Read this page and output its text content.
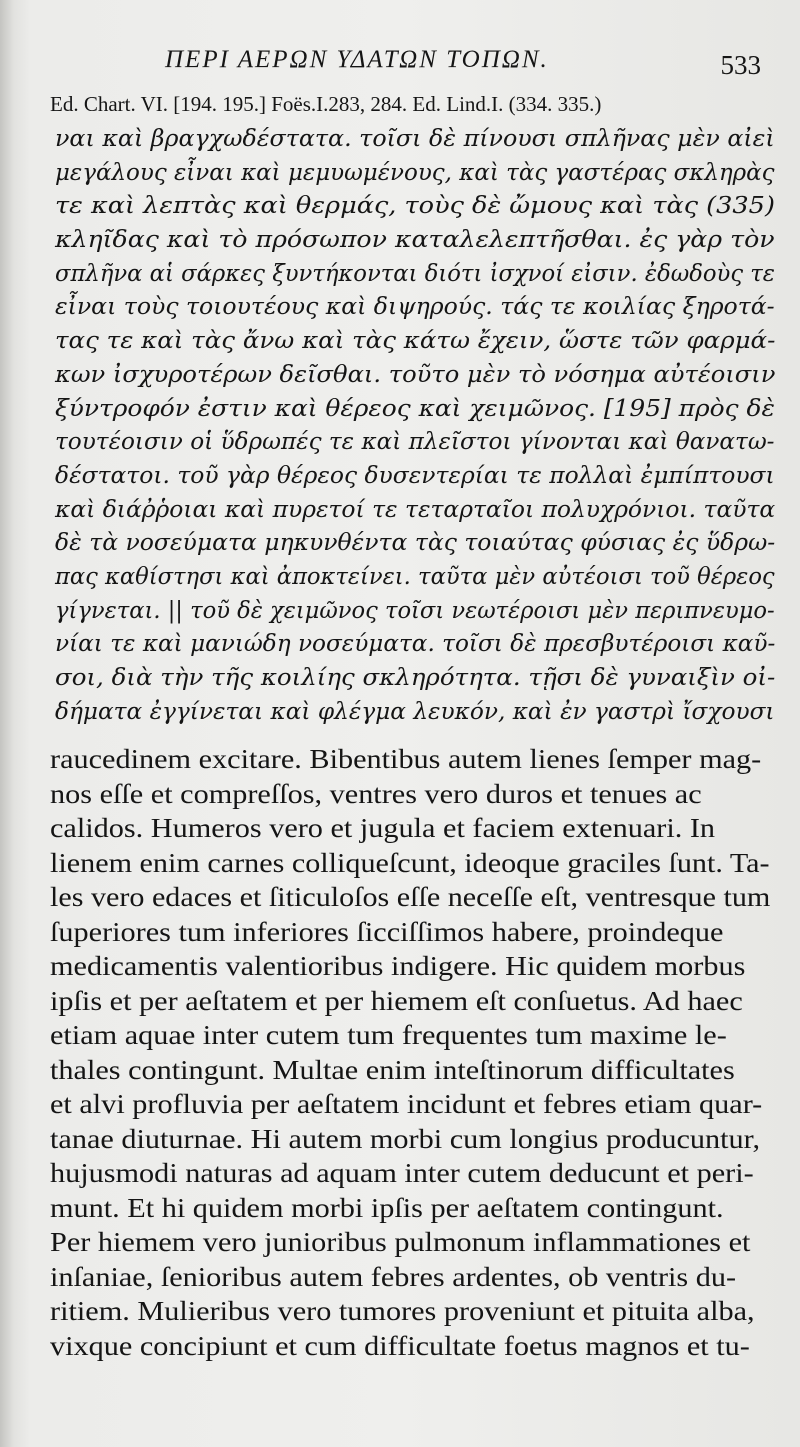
ΠΕΡΙ ΑΕΡΩΝ ΥΔΑΤΩΝ ΤΟΠΩΝ.	533
Ed. Chart. VI. [194. 195.] Foës.I.283, 284. Ed. Lind.I. (334. 335.)
ναι καὶ βραγχωδέστατα. τοῖσι δὲ πίνουσι σπλῆνας μὲν αἰεὶ
μεγάλους εἶναι καὶ μεμυωμένους, καὶ τὰς γαστέρας σκληρὰς
τε καὶ λεπτὰς καὶ θερμάς, τοὺς δὲ ὤμους καὶ τὰς (335)
κληῖδας καὶ τὸ πρόσωπον καταλελεπτῆσθαι. ἐς γὰρ τὸν
σπλῆνα αἱ σάρκες ξυντήκονται διότι ἰσχνοί εἰσιν. ἐδωδοὺς τε
εἶναι τοὺς τοιουτέους καὶ διψηρούς. τάς τε κοιλίας ξηροτά-
τας τε καὶ τὰς ἄνω καὶ τὰς κάτω ἔχειν, ὥστε τῶν φαρμά-
κων ἰσχυροτέρων δεῖσθαι. τοῦτο μὲν τὸ νόσημα αὐτέοισιν
ξύντροφόν ἐστιν καὶ θέρεος καὶ χειμῶνος. [195] πρὸς δὲ
τουτέοισιν οἱ ὕδρωπές τε καὶ πλεῖστοι γίνονται καὶ θανατω-
δέστατοι. τοῦ γὰρ θέρεος δυσεντερίαι τε πολλαὶ ἐμπίπτουσι
καὶ διάῤῥοιαι καὶ πυρετοί τε τεταρταῖοι πολυχρόνιοι. ταῦτα
δὲ τὰ νοσεύματα μηκυνθέντα τὰς τοιαύτας φύσιας ἐς ὕδρω-
πας καθίστησι καὶ ἀποκτείνει. ταῦτα μὲν αὐτέοισι τοῦ θέρεος
γίγνεται. || τοῦ δὲ χειμῶνος τοῖσι νεωτέροισι μὲν περιπνευμο-
νίαι τε καὶ μανιώδη νοσεύματα. τοῖσι δὲ πρεσβυτέροισι καῦ-
σοι, διὰ τὴν τῆς κοιλίης σκληρότητα. τῇσι δὲ γυναιξὶν οἰ-
δήματα ἐγγίνεται καὶ φλέγμα λευκόν, καὶ ἐν γαστρὶ ἴσχουσι
raucedinem excitare. Bibentibus autem lienes ſemper mag-
nos eſſe et compreſſos, ventres vero duros et tenues ac
calidos. Humeros vero et jugula et faciem extenuari. In
lienem enim carnes colliqueſcunt, ideoque graciles ſunt. Ta-
les vero edaces et ſiticuloſos eſſe neceſſe eſt, ventresque tum
ſuperiores tum inferiores ſicciſſimos habere, proindeque
medicamentis valentioribus indigere. Hic quidem morbus
ipſis et per aeſtatem et per hiemem eſt conſuetus. Ad haec
etiam aquae inter cutem tum frequentes tum maxime le-
thales contingunt. Multae enim inteſtinorum difficultates
et alvi profluvia per aeſtatem incidunt et febres etiam quar-
tanae diuturnae. Hi autem morbi cum longius producuntur,
hujusmodi naturas ad aquam inter cutem deducunt et peri-
munt. Et hi quidem morbi ipſis per aeſtatem contingunt.
Per hiemem vero junioribus pulmonum inflammationes et
inſaniae, ſenioribus autem febres ardentes, ob ventris du-
ritiem. Mulieribus vero tumores proveniunt et pituita alba,
vixque concipiunt et cum difficultate foetus magnos et tu-
